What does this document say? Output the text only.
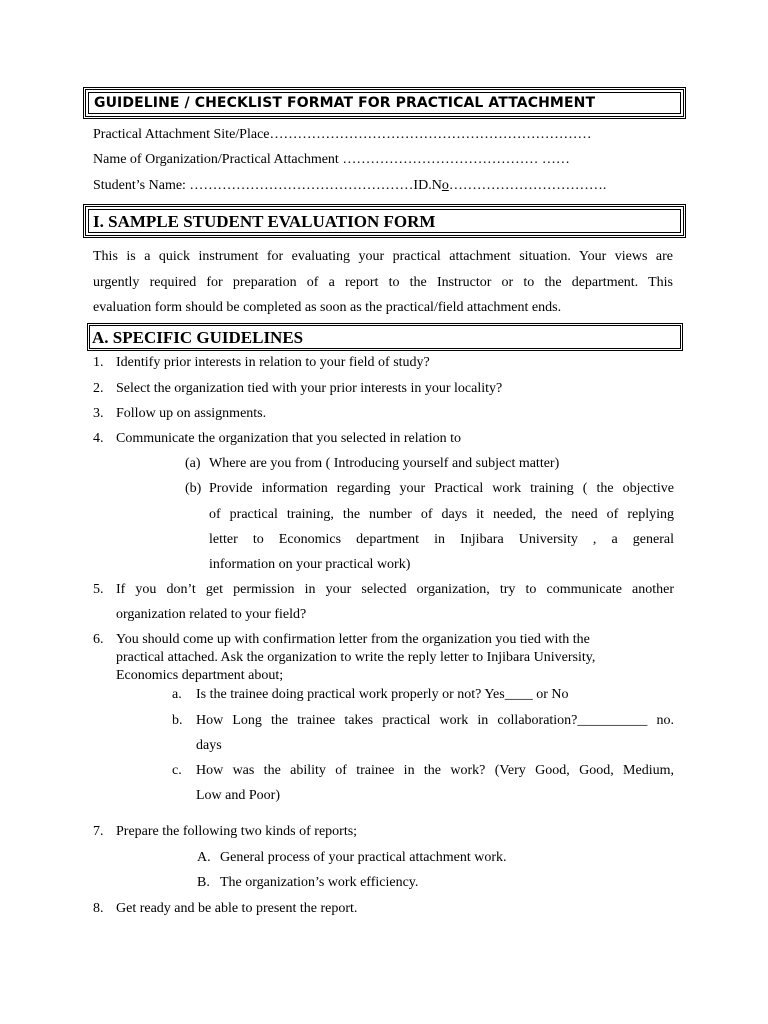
GUIDELINE / CHECKLIST FORMAT FOR PRACTICAL ATTACHMENT
Practical Attachment Site/Place……………………………………………………………
Name of Organization/Practical Attachment …………………………………… ……
Student’s Name: …………………………………………ID.No…………………………….
I. SAMPLE STUDENT EVALUATION FORM
This is a quick instrument for evaluating your practical attachment situation. Your views are
urgently required for preparation of a report to the Instructor or to the department. This
evaluation form should be completed as soon as the practical/field attachment ends.
A. SPECIFIC GUIDELINES
1. Identify prior interests in relation to your field of study?
2. Select the organization tied with your prior interests in your locality?
3. Follow up on assignments.
4. Communicate the organization that you selected in relation to
(a) Where are you from ( Introducing yourself and subject matter)
(b) Provide information regarding your Practical work training ( the objective
of practical training, the number of days it needed, the need of replying
letter to Economics department in Injibara University , a general
information on your practical work)
5. If you don’t get permission in your selected organization, try to communicate another
organization related to your field?
6. You should come up with confirmation letter from the organization you tied with the
practical attached. Ask the organization to write the reply letter to Injibara University,
Economics department about;
a. Is the trainee doing practical work properly or not? Yes____ or No
b. How Long the trainee takes practical work in collaboration?__________ no.
days
c. How was the ability of trainee in the work? (Very Good, Good, Medium,
Low and Poor)
7. Prepare the following two kinds of reports;
A. General process of your practical attachment work.
B. The organization’s work efficiency.
8. Get ready and be able to present the report.
